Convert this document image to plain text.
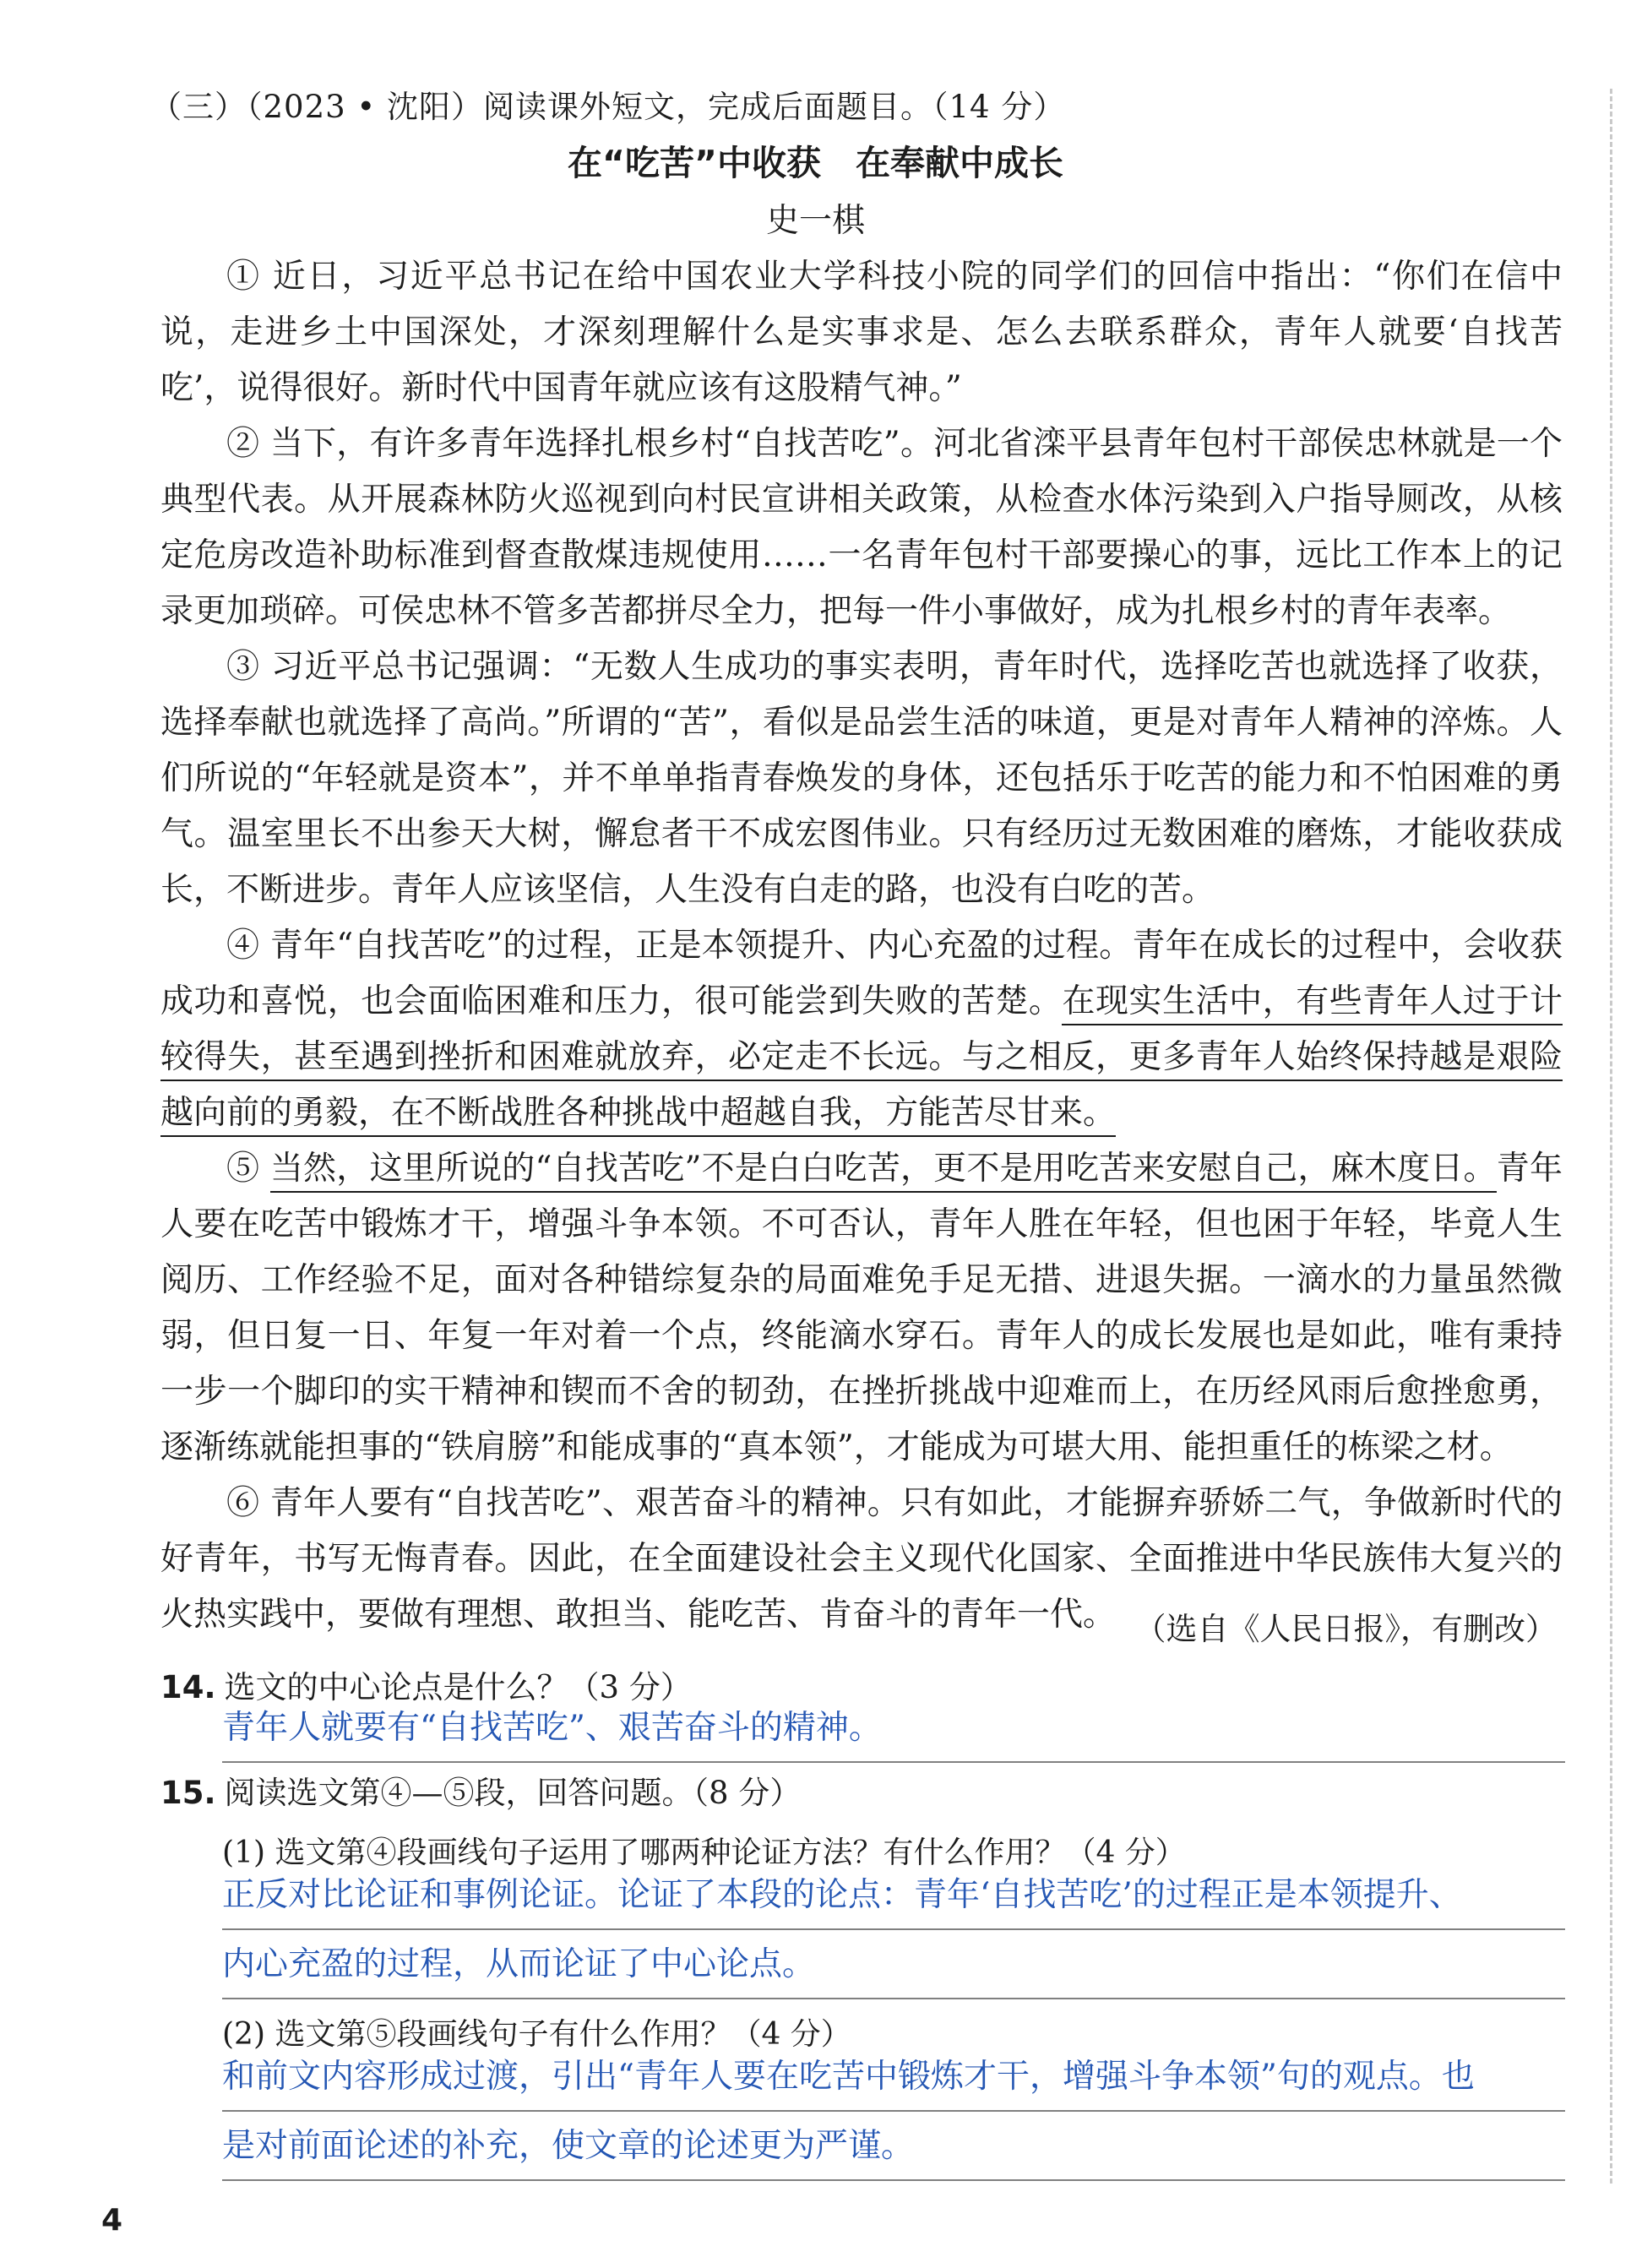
（三）（2023 • 沈阳）阅读课外短文，完成后面题目。（14 分）
在“吃苦”中收获　在奉献中成长
史一棋

① 近日，习近平总书记在给中国农业大学科技小院的同学们的回信中指出：“你们在信中说，走进乡土中国深处，才深刻理解什么是实事求是、怎么去联系群众，青年人就要‘自找苦吃’，说得很好。新时代中国青年就应该有这股精气神。”

② 当下，有许多青年选择扎根乡村“自找苦吃”。河北省滦平县青年包村干部侯忠林就是一个典型代表。从开展森林防火巡视到向村民宣讲相关政策，从检查水体污染到入户指导厕改，从核定危房改造补助标准到督查散煤违规使用……一名青年包村干部要操心的事，远比工作本上的记录更加琐碎。可侯忠林不管多苦都拼尽全力，把每一件小事做好，成为扎根乡村的青年表率。

③ 习近平总书记强调：“无数人生成功的事实表明，青年时代，选择吃苦也就选择了收获，选择奉献也就选择了高尚。”所谓的“苦”，看似是品尝生活的味道，更是对青年人精神的淬炼。人们所说的“年轻就是资本”，并不单单指青春焕发的身体，还包括乐于吃苦的能力和不怕困难的勇气。温室里长不出参天大树，懈怠者干不成宏图伟业。只有经历过无数困难的磨炼，才能收获成长，不断进步。青年人应该坚信，人生没有白走的路，也没有白吃的苦。

④ 青年“自找苦吃”的过程，正是本领提升、内心充盈的过程。青年在成长的过程中，会收获成功和喜悦，也会面临困难和压力，很可能尝到失败的苦楚。在现实生活中，有些青年人过于计较得失，甚至遇到挫折和困难就放弃，必定走不长远。与之相反，更多青年人始终保持越是艰险越向前的勇毅，在不断战胜各种挑战中超越自我，方能苦尽甘来。

⑤ 当然，这里所说的“自找苦吃”不是白白吃苦，更不是用吃苦来安慰自己，麻木度日。青年人要在吃苦中锻炼才干，增强斗争本领。不可否认，青年人胜在年轻，但也困于年轻，毕竟人生阅历、工作经验不足，面对各种错综复杂的局面难免手足无措、进退失据。一滴水的力量虽然微弱，但日复一日、年复一年对着一个点，终能滴水穿石。青年人的成长发展也是如此，唯有秉持一步一个脚印的实干精神和锲而不舍的韧劲，在挫折挑战中迎难而上，在历经风雨后愈挫愈勇，逐渐练就能担事的“铁肩膀”和能成事的“真本领”，才能成为可堪大用、能担重任的栋梁之材。

⑥ 青年人要有“自找苦吃”、艰苦奋斗的精神。只有如此，才能摒弃骄娇二气，争做新时代的好青年，书写无悔青春。因此，在全面建设社会主义现代化国家、全面推进中华民族伟大复兴的火热实践中，要做有理想、敢担当、能吃苦、肯奋斗的青年一代。 （选自《人民日报》，有删改）
14. 选文的中心论点是什么？（3 分）
青年人就要有“自找苦吃”、艰苦奋斗的精神。
15. 阅读选文第④—⑤段，回答问题。（8 分）
(1) 选文第④段画线句子运用了哪两种论证方法？有什么作用？（4 分）
正反对比论证和事例论证。论证了本段的论点：青年‘自找苦吃’的过程正是本领提升、
内心充盈的过程，从而论证了中心论点。
(2) 选文第⑤段画线句子有什么作用？（4 分）
和前文内容形成过渡，引出“青年人要在吃苦中锻炼才干，增强斗争本领”句的观点。也
是对前面论述的补充，使文章的论述更为严谨。
4
